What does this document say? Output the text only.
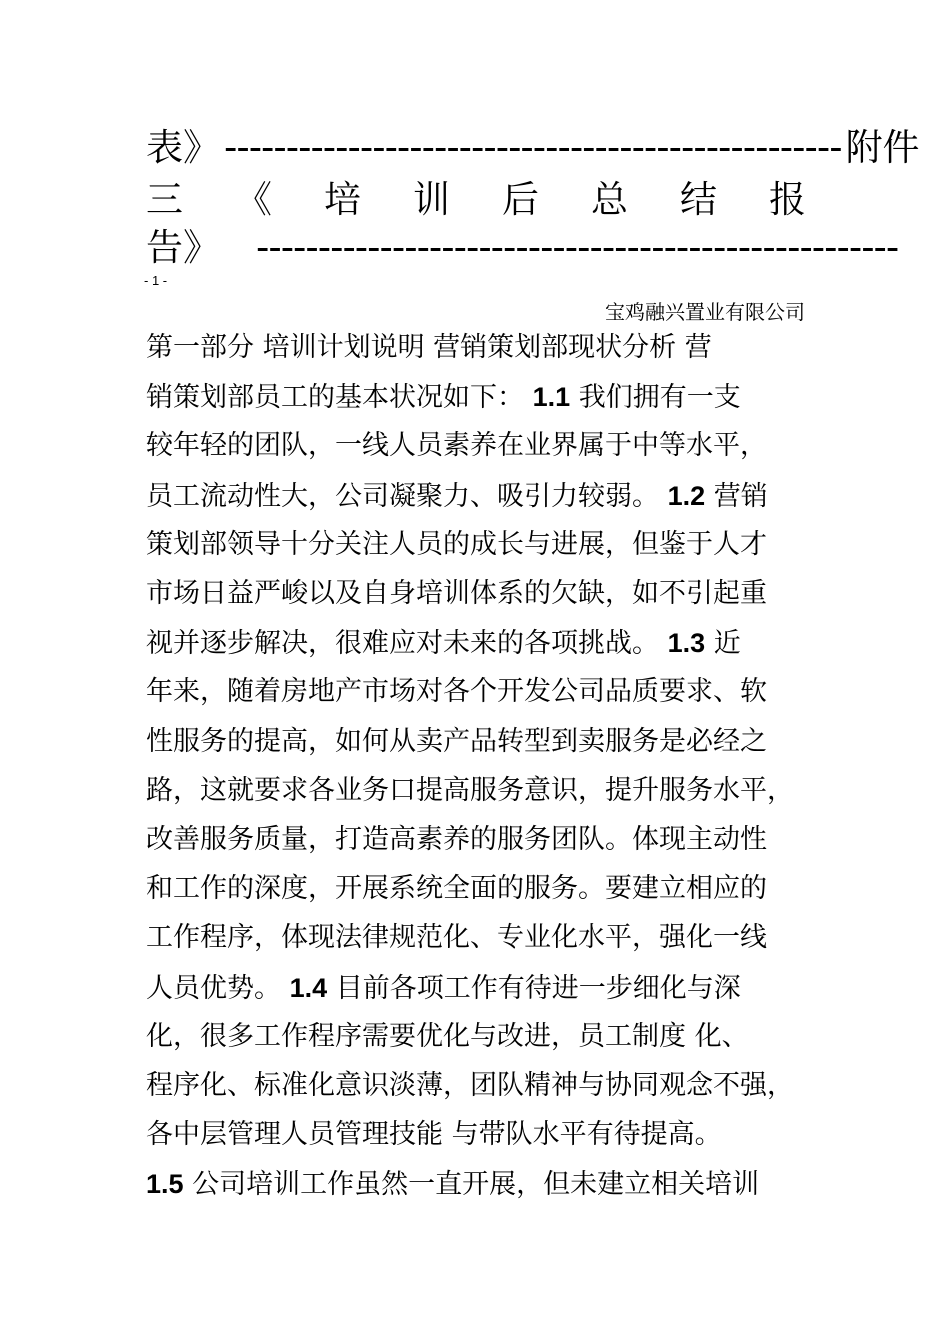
表》 -------------------------------------------------- 附件
三 《 培 训 后 总 结 报
告》 ----------------------------------------------------
- 1 -
宝鸡融兴置业有限公司
第一部分 培训计划说明 营销策划部现状分析 营
销策划部员工的基本状况如下： 1.1 我们拥有一支
较年轻的团队，一线人员素养在业界属于中等水平，
员工流动性大，公司凝聚力、吸引力较弱。 1.2 营销
策划部领导十分关注人员的成长与进展，但鉴于人才
市场日益严峻以及自身培训体系的欠缺，如不引起重
视并逐步解决，很难应对未来的各项挑战。 1.3 近
年来，随着房地产市场对各个开发公司品质要求、软
性服务的提高，如何从卖产品转型到卖服务是必经之
路，这就要求各业务口提高服务意识，提升服务水平，
改善服务质量，打造高素养的服务团队。体现主动性
和工作的深度，开展系统全面的服务。要建立相应的
工作程序，体现法律规范化、专业化水平，强化一线
人员优势。 1.4 目前各项工作有待进一步细化与深
化，很多工作程序需要优化与改进，员工制度 化、
程序化、标准化意识淡薄，团队精神与协同观念不强，
各中层管理人员管理技能 与带队水平有待提高。
1.5 公司培训工作虽然一直开展，但未建立相关培训
